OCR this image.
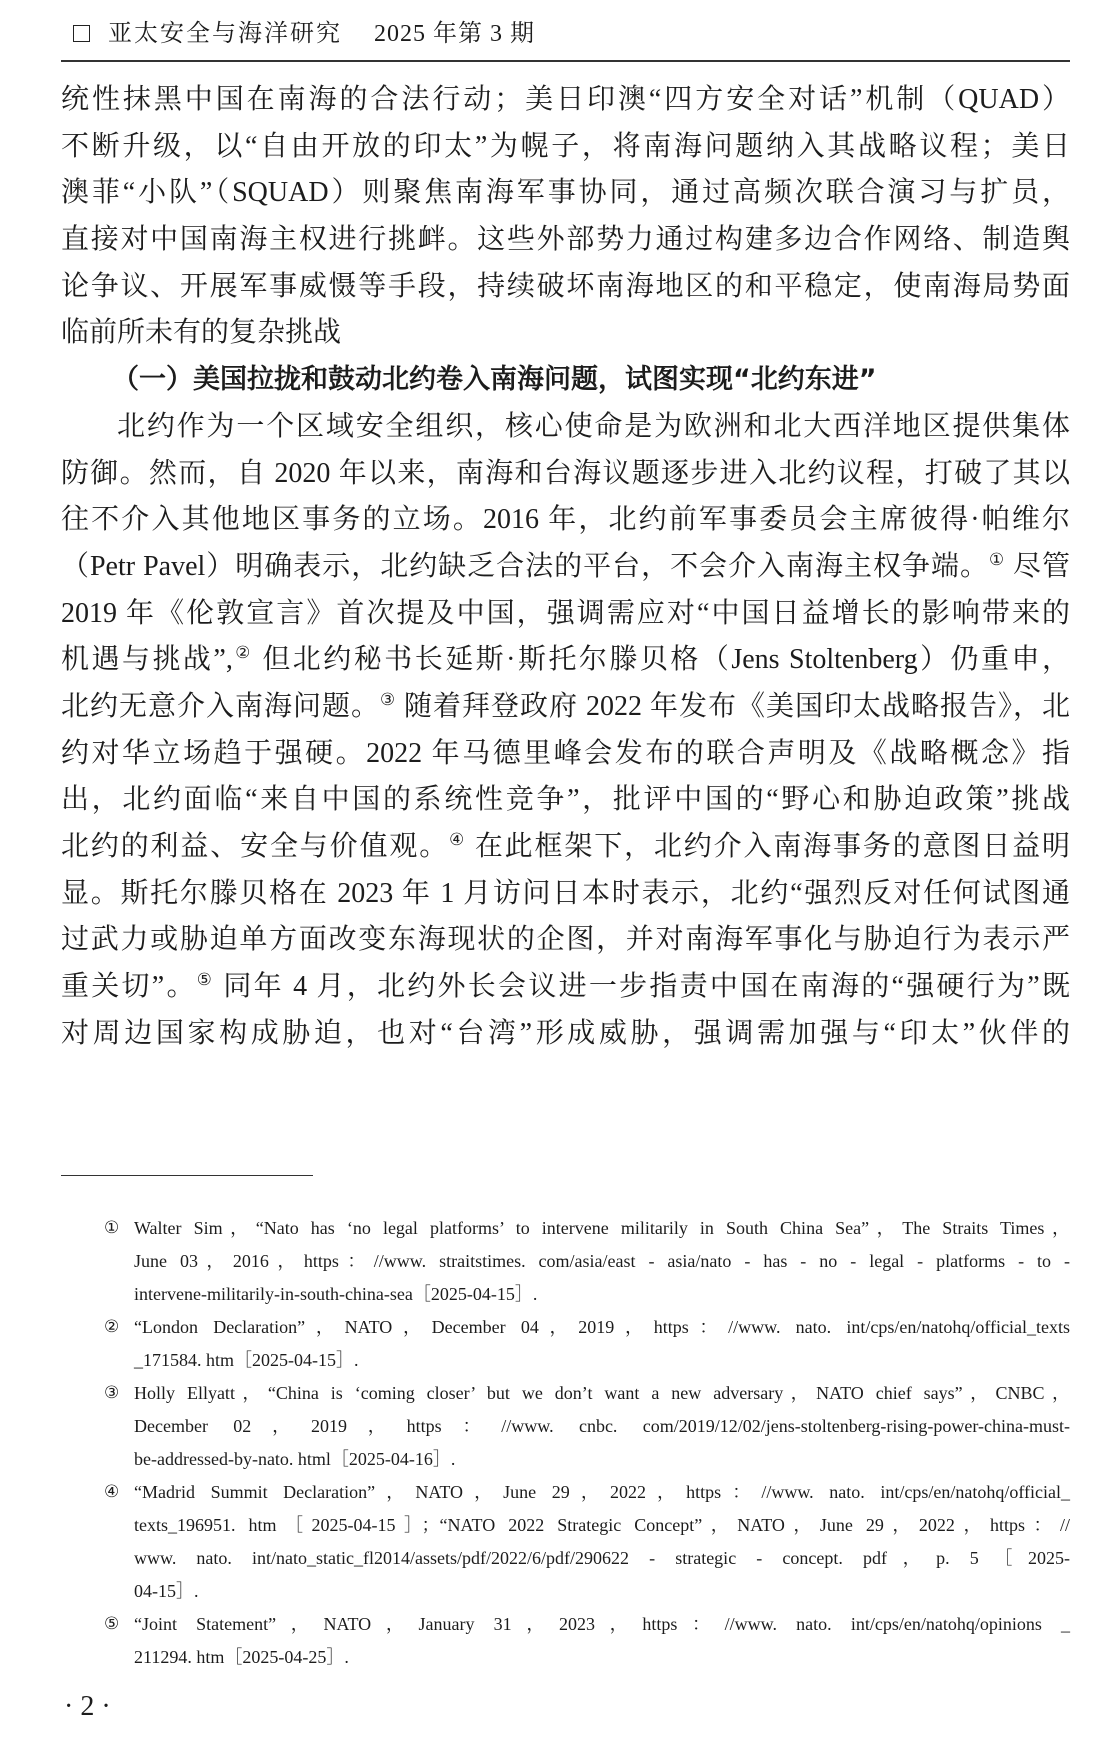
亚太安全与海洋研究 2025 年第 3 期
统性抹黑中国在南海的合法行动；美日印澳“四方安全对话”机制（QUAD）
不断升级，以“自由开放的印太”为幌子，将南海问题纳入其战略议程；美日
澳菲“小队”（SQUAD）则聚焦南海军事协同，通过高频次联合演习与扩员，
直接对中国南海主权进行挑衅。这些外部势力通过构建多边合作网络、制造舆
论争议、开展军事威慑等手段，持续破坏南海地区的和平稳定，使南海局势面
临前所未有的复杂挑战
（一）美国拉拢和鼓动北约卷入南海问题，试图实现“北约东进”
北约作为一个区域安全组织，核心使命是为欧洲和北大西洋地区提供集体
防御。然而，自 2020 年以来，南海和台海议题逐步进入北约议程，打破了其以
往不介入其他地区事务的立场。2016 年，北约前军事委员会主席彼得·帕维尔
（Petr Pavel）明确表示，北约缺乏合法的平台，不会介入南海主权争端。① 尽管
2019 年《伦敦宣言》首次提及中国，强调需应对“中国日益增长的影响带来的
机遇与挑战”,② 但北约秘书长延斯·斯托尔滕贝格（Jens Stoltenberg）仍重申，
北约无意介入南海问题。③ 随着拜登政府 2022 年发布《美国印太战略报告》，北
约对华立场趋于强硬。2022 年马德里峰会发布的联合声明及《战略概念》指
出，北约面临“来自中国的系统性竞争”，批评中国的“野心和胁迫政策”挑战
北约的利益、安全与价值观。④ 在此框架下，北约介入南海事务的意图日益明
显。斯托尔滕贝格在 2023 年 1 月访问日本时表示，北约“强烈反对任何试图通
过武力或胁迫单方面改变东海现状的企图，并对南海军事化与胁迫行为表示严
重关切”。⑤ 同年 4 月，北约外长会议进一步指责中国在南海的“强硬行为”既
对周边国家构成胁迫，也对“台湾”形成威胁，强调需加强与“印太”伙伴的
① Walter Sim，“Nato has ‘no legal platforms’ to intervene militarily in South China Sea”，The Straits Times，
June 03，2016，https：//www. straitstimes. com/asia/east - asia/nato - has - no - legal - platforms - to -
intervene-militarily-in-south-china-sea［2025-04-15］.
② “London Declaration”，NATO，December 04，2019，https：//www. nato. int/cps/en/natohq/official_texts
_171584. htm［2025-04-15］.
③ Holly Ellyatt，“China is ‘coming closer’ but we don’t want a new adversary，NATO chief says”，CNBC，
December 02，2019，https：//www. cnbc. com/2019/12/02/jens-stoltenberg-rising-power-china-must-
be-addressed-by-nato. html［2025-04-16］.
④ “Madrid Summit Declaration”，NATO，June 29，2022，https：//www. nato. int/cps/en/natohq/official_
texts_196951. htm［2025-04-15］；“NATO 2022 Strategic Concept”，NATO，June 29，2022，https：//
www. nato. int/nato_static_fl2014/assets/pdf/2022/6/pdf/290622 - strategic - concept. pdf，p. 5［2025-
04-15］.
⑤ “Joint Statement”，NATO，January 31，2023，https：//www. nato. int/cps/en/natohq/opinions _
211294. htm［2025-04-25］.
· 2 ·
